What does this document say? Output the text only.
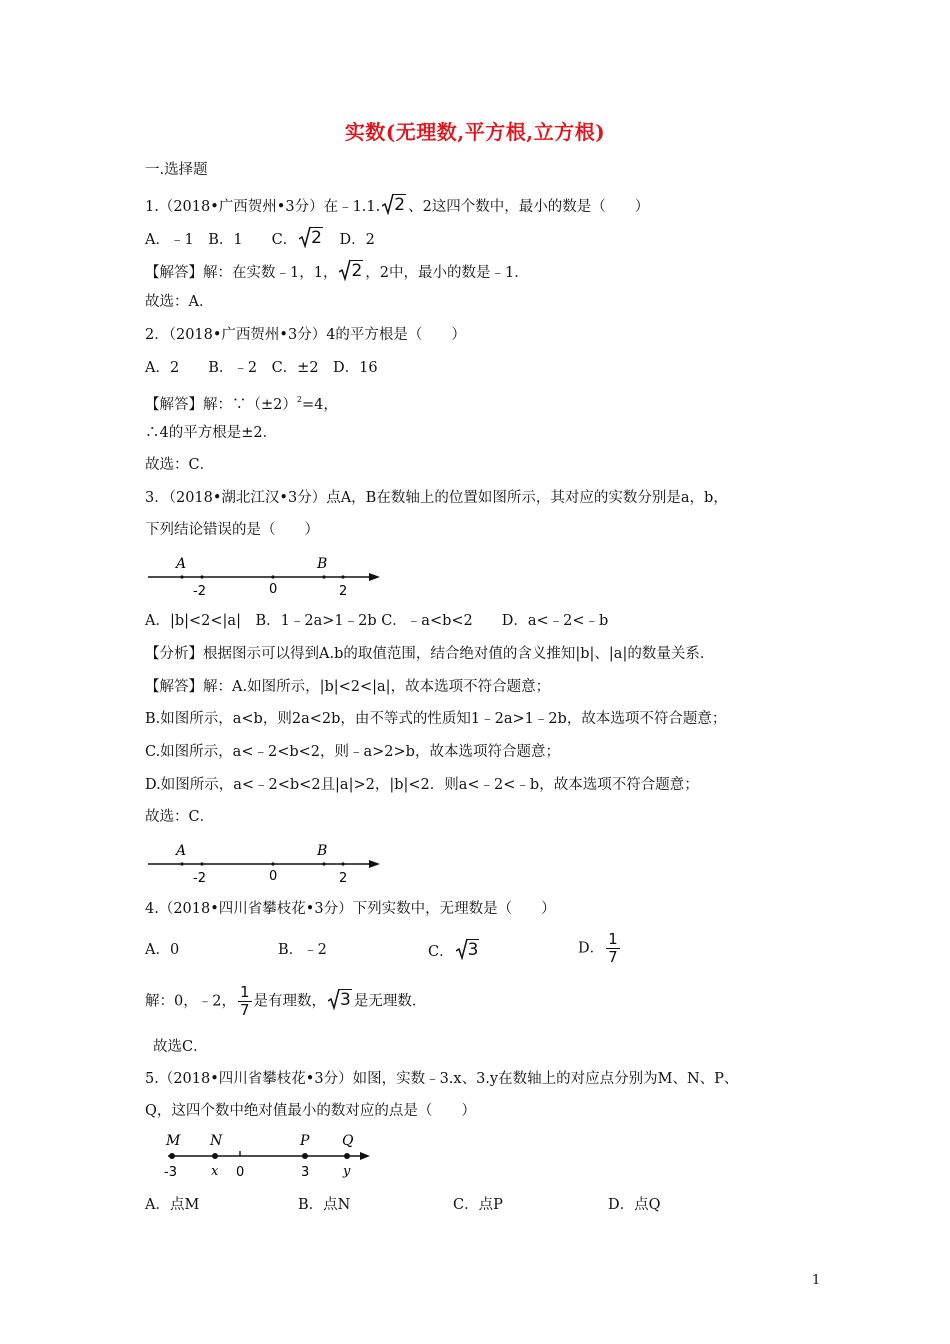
实数(无理数,平方根,立方根)
一.选择题
1.（2018•广西贺州•3分）在﹣1.1. 2 、2这四个数中，最小的数是（　　）
A．﹣1　B．1　　C． 2 　D．2
【解答】解：在实数﹣1，1， 2 ，2中，最小的数是﹣1．
故选：A．
2．（2018•广西贺州•3分）4的平方根是（　　）
A．2　　B．﹣2　C．±2　D．16
【解答】解：$\because(\pm 2)^2=4$，
∴4的平方根是±2．
故选：C．
3．（2018•湖北江汉•3分）点A，B在数轴上的位置如图所示，其对应的实数分别是a，b，
下列结论错误的是（　　）
A	B
-2	0	2
A．|b|<2<|a|　B．1﹣2a>1﹣2b C．﹣a<b<2　　D．a<﹣2<﹣b
【分析】根据图示可以得到A.b的取值范围，结合绝对值的含义推知|b|、|a|的数量关系．
【解答】解：A.如图所示，|b|<2<|a|，故本选项不符合题意；
B.如图所示，a<b，则2a<2b，由不等式的性质知1﹣2a>1﹣2b，故本选项不符合题意；
C.如图所示，a<﹣2<b<2，则﹣a>2>b，故本选项符合题意；
D.如图所示，a<﹣2<b<2且|a|>2，|b|<2．则a<﹣2<﹣b，故本选项不符合题意；
故选：C．
A	B
-2	0	2
4.（2018•四川省攀枝花•3分）下列实数中，无理数是（　　）
A．0	B．﹣2	C． 3	D． $\frac{1}{7}$
解：0，﹣2， $\frac{1}{7}$ 是有理数， 3 是无理数．
故选C．
5.（2018•四川省攀枝花•3分）如图，实数﹣3.x、3.y在数轴上的对应点分别为M、N、P、
Q，这四个数中绝对值最小的数对应的点是（　　）
M N	P Q
-3	x 0	3	y
A．点M	B．点N	C．点P	D．点Q
1
